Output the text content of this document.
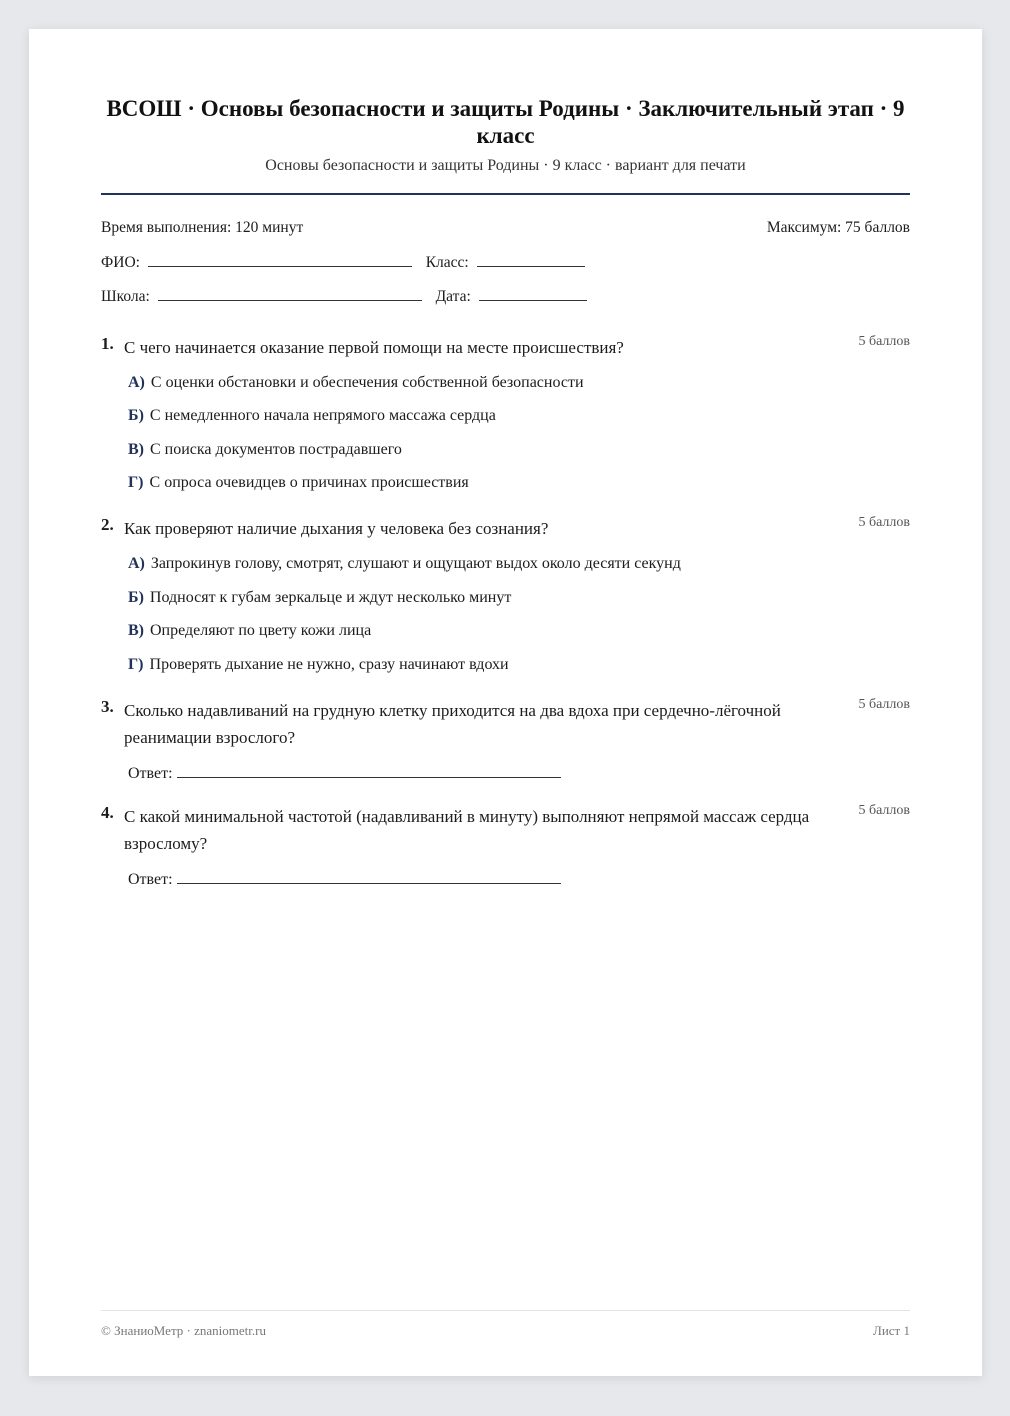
ВСОШ · Основы безопасности и защиты Родины · Заключительный этап · 9 класс
Основы безопасности и защиты Родины · 9 класс · вариант для печати
Время выполнения: 120 минут	Максимум: 75 баллов
ФИО:	Класс:
Школа:	Дата:
1. С чего начинается оказание первой помощи на месте происшествия?	5 баллов
А) С оценки обстановки и обеспечения собственной безопасности
Б) С немедленного начала непрямого массажа сердца
В) С поиска документов пострадавшего
Г) С опроса очевидцев о причинах происшествия
2. Как проверяют наличие дыхания у человека без сознания?	5 баллов
А) Запрокинув голову, смотрят, слушают и ощущают выдох около десяти секунд
Б) Подносят к губам зеркальце и ждут несколько минут
В) Определяют по цвету кожи лица
Г) Проверять дыхание не нужно, сразу начинают вдохи
3. Сколько надавливаний на грудную клетку приходится на два вдоха при сердечно-лёгочной реанимации взрослого?
5 баллов
Ответ:
4. С какой минимальной частотой (надавливаний в минуту) выполняют непрямой массаж сердца взрослому?
5 баллов
Ответ:
© ЗнаниоМетр · znaniometr.ru	Лист 1
